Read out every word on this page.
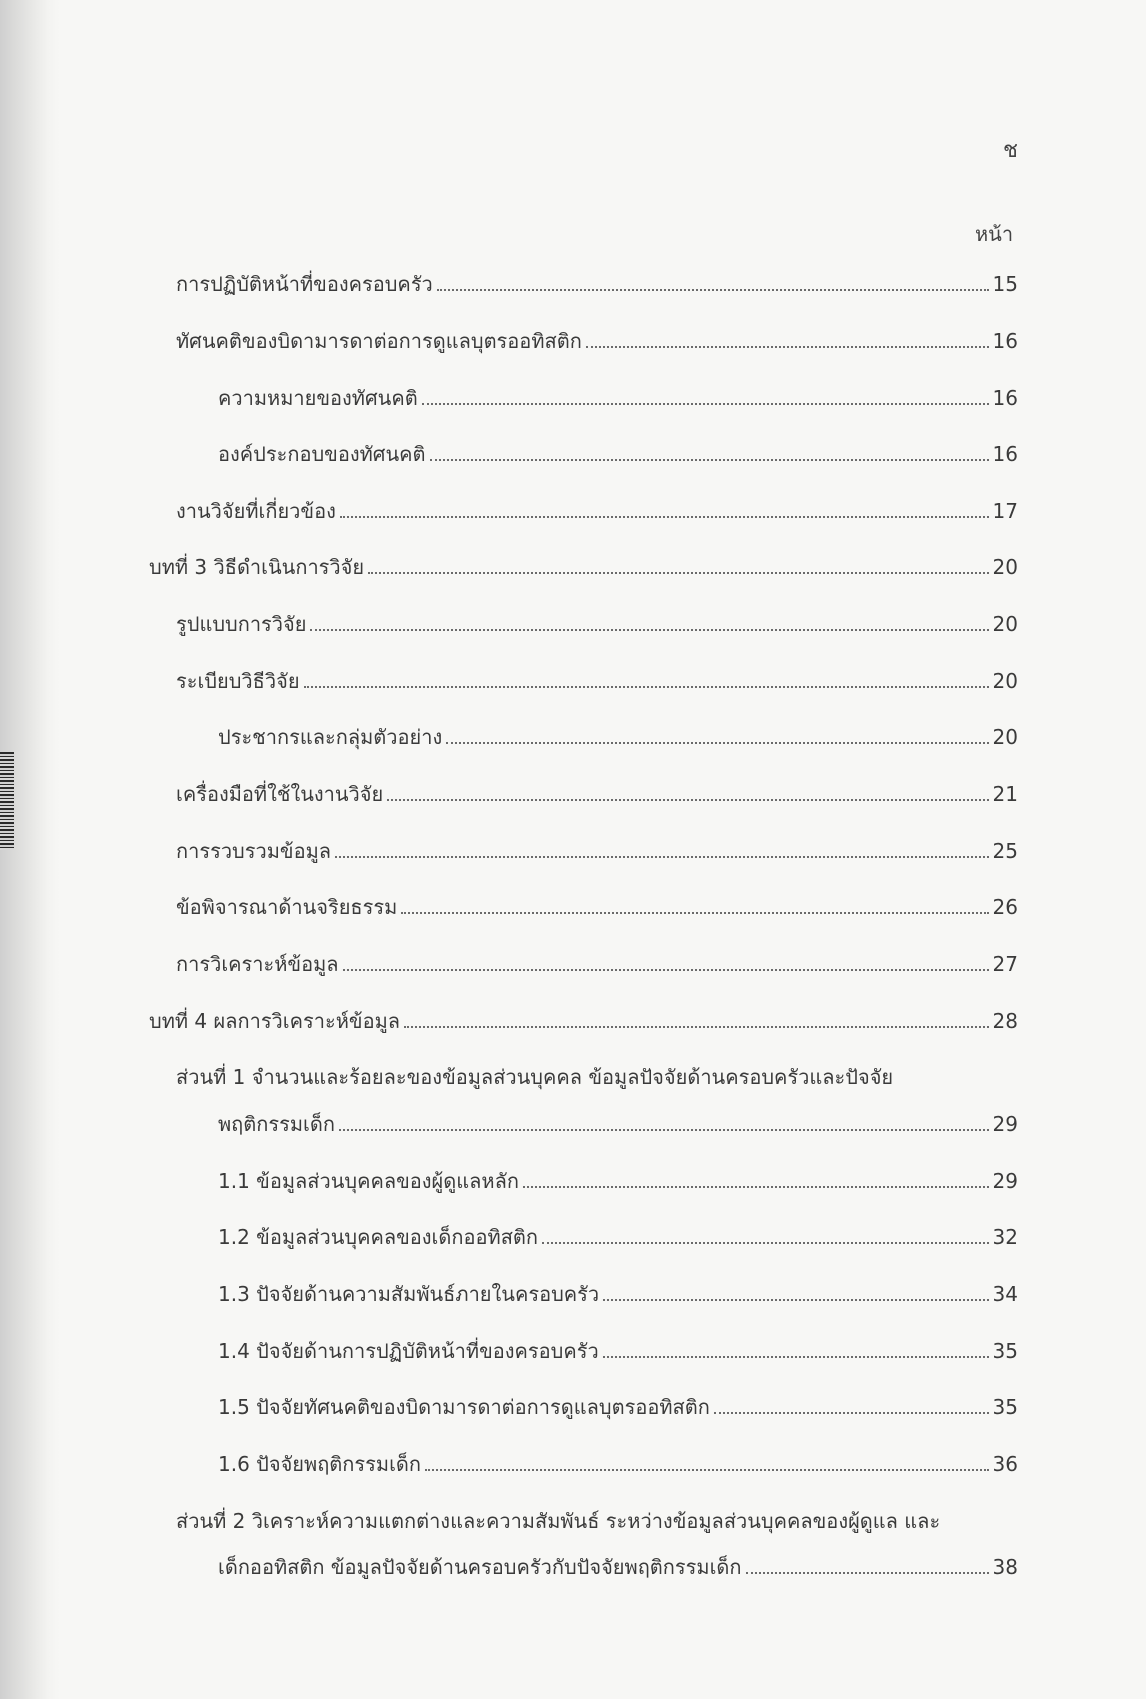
ช
หน้า
การปฏิบัติหน้าที่ของครอบครัว	15
ทัศนคติของบิดามารดาต่อการดูแลบุตรออทิสติก	16
ความหมายของทัศนคติ	16
องค์ประกอบของทัศนคติ	16
งานวิจัยที่เกี่ยวข้อง	17
บทที่ 3 วิธีดำเนินการวิจัย	20
รูปแบบการวิจัย	20
ระเบียบวิธีวิจัย	20
ประชากรและกลุ่มตัวอย่าง	20
เครื่องมือที่ใช้ในงานวิจัย	21
การรวบรวมข้อมูล	25
ข้อพิจารณาด้านจริยธรรม	26
การวิเคราะห์ข้อมูล	27
บทที่ 4 ผลการวิเคราะห์ข้อมูล	28
ส่วนที่ 1 จำนวนและร้อยละของข้อมูลส่วนบุคคล ข้อมูลปัจจัยด้านครอบครัวและปัจจัย
พฤติกรรมเด็ก	29
1.1 ข้อมูลส่วนบุคคลของผู้ดูแลหลัก	29
1.2 ข้อมูลส่วนบุคคลของเด็กออทิสติก	32
1.3 ปัจจัยด้านความสัมพันธ์ภายในครอบครัว	34
1.4 ปัจจัยด้านการปฏิบัติหน้าที่ของครอบครัว	35
1.5 ปัจจัยทัศนคติของบิดามารดาต่อการดูแลบุตรออทิสติก	35
1.6 ปัจจัยพฤติกรรมเด็ก	36
ส่วนที่ 2 วิเคราะห์ความแตกต่างและความสัมพันธ์ ระหว่างข้อมูลส่วนบุคคลของผู้ดูแล และ
เด็กออทิสติก ข้อมูลปัจจัยด้านครอบครัวกับปัจจัยพฤติกรรมเด็ก	38
